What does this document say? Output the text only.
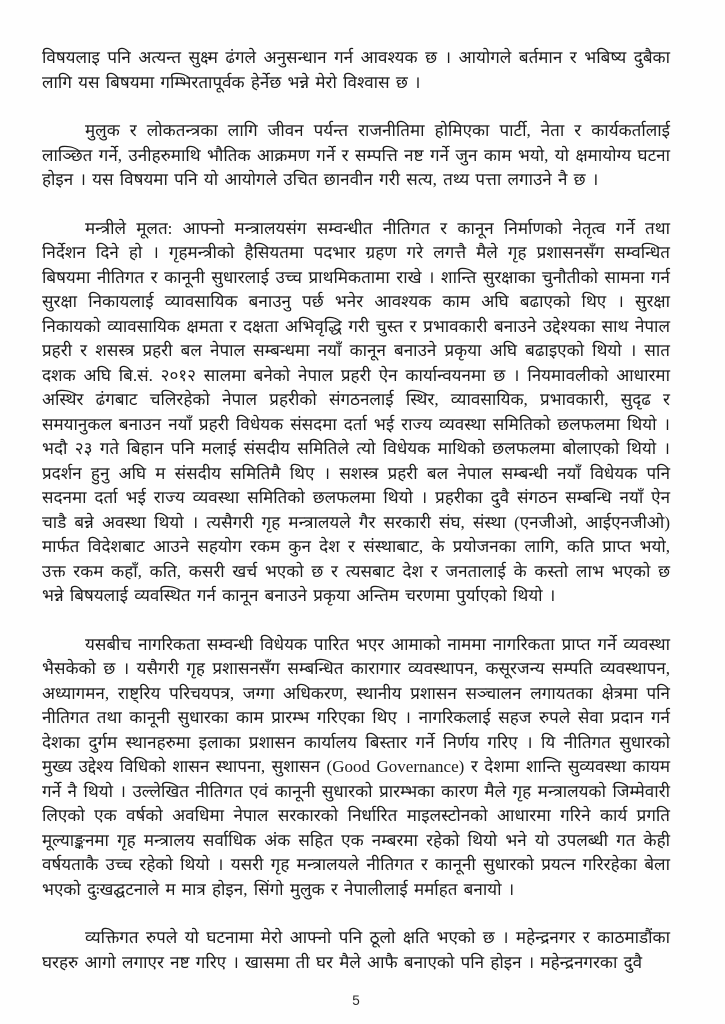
विषयलाइ पनि अत्यन्त सुक्ष्म ढंगले अनुसन्धान गर्न आवश्यक छ । आयोगले बर्तमान र भबिष्य दुबैका लागि यस बिषयमा गम्भिरतापूर्वक हेर्नेछ भन्ने मेरो विश्वास छ ।

मुलुक र लोकतन्त्रका लागि जीवन पर्यन्त राजनीतिमा होमिएका पार्टी, नेता र कार्यकर्तालाई लाञ्छित गर्ने, उनीहरुमाथि भौतिक आक्रमण गर्ने र सम्पत्ति नष्ट गर्ने जुन काम भयो, यो क्षमायोग्य घटना होइन । यस विषयमा पनि यो आयोगले उचित छानवीन गरी सत्य, तथ्य पत्ता लगाउने नै छ ।

मन्त्रीले मूलत: आफ्नो मन्त्रालयसंग सम्वन्धीत नीतिगत र कानून निर्माणको नेतृत्व गर्ने तथा निर्देशन दिने हो । गृहमन्त्रीको हैसियतमा पदभार ग्रहण गरे लगत्तै मैले गृह प्रशासनसँग सम्वन्धित बिषयमा नीतिगत र कानूनी सुधारलाई उच्च प्राथमिकतामा राखे । शान्ति सुरक्षाका चुनौतीको सामना गर्न सुरक्षा निकायलाई व्यावसायिक बनाउनु पर्छ भनेर आवश्यक काम अघि बढाएको थिए । सुरक्षा निकायको व्यावसायिक क्षमता र दक्षता अभिवृद्धि गरी चुस्त र प्रभावकारी बनाउने उद्देश्यका साथ नेपाल प्रहरी र शसस्त्र प्रहरी बल नेपाल सम्बन्धमा नयाँ कानून बनाउने प्रकृया अघि बढाइएको थियो । सात दशक अघि बि.सं. २०१२ सालमा बनेको नेपाल प्रहरी ऐन कार्यान्वयनमा छ । नियमावलीको आधारमा अस्थिर ढंगबाट चलिरहेको नेपाल प्रहरीको संगठनलाई स्थिर, व्यावसायिक, प्रभावकारी, सुदृढ र समयानुकल बनाउन नयाँ प्रहरी विधेयक संसदमा दर्ता भई राज्य व्यवस्था समितिको छलफलमा थियो । भदौ २३ गते बिहान पनि मलाई संसदीय समितिले त्यो विधेयक माथिको छलफलमा बोलाएको थियो । प्रदर्शन हुनु अघि म संसदीय समितिमै थिए । सशस्त्र प्रहरी बल नेपाल सम्बन्धी नयाँ विधेयक पनि सदनमा दर्ता भई राज्य व्यवस्था समितिको छलफलमा थियो । प्रहरीका दुवै संगठन सम्बन्धि नयाँ ऐन चाडै बन्ने अवस्था थियो । त्यसैगरी गृह मन्त्रालयले गैर सरकारी संघ, संस्था (एनजीओ, आईएनजीओ) मार्फत विदेशबाट आउने सहयोग रकम कुन देश र संस्थाबाट, के प्रयोजनका लागि, कति प्राप्त भयो, उक्त रकम कहाँ, कति, कसरी खर्च भएको छ र त्यसबाट देश र जनतालाई के कस्तो लाभ भएको छ भन्ने बिषयलाई व्यवस्थित गर्न कानून बनाउने प्रकृया अन्तिम चरणमा पुर्याएको थियो ।

यसबीच नागरिकता सम्वन्धी विधेयक पारित भएर आमाको नाममा नागरिकता प्राप्त गर्ने व्यवस्था भैसकेको छ । यसैगरी गृह प्रशासनसँग सम्बन्धित कारागार व्यवस्थापन, कसूरजन्य सम्पति व्यवस्थापन, अध्यागमन, राष्ट्रिय परिचयपत्र, जग्गा अधिकरण, स्थानीय प्रशासन सञ्चालन लगायतका क्षेत्रमा पनि नीतिगत तथा कानूनी सुधारका काम प्रारम्भ गरिएका थिए । नागरिकलाई सहज रुपले सेवा प्रदान गर्न देशका दुर्गम स्थानहरुमा इलाका प्रशासन कार्यालय बिस्तार गर्ने निर्णय गरिए । यि नीतिगत सुधारको मुख्य उद्देश्य विधिको शासन स्थापना, सुशासन (Good Governance) र देशमा शान्ति सुव्यवस्था कायम गर्ने नै थियो । उल्लेखित नीतिगत एवं कानूनी सुधारको प्रारम्भका कारण मैले गृह मन्त्रालयको जिम्मेवारी लिएको एक वर्षको अवधिमा नेपाल सरकारको निर्धारित माइलस्टोनको आधारमा गरिने कार्य प्रगति मूल्याङ्कनमा गृह मन्त्रालय सर्वाधिक अंक सहित एक नम्बरमा रहेको थियो भने यो उपलब्धी गत केही वर्षयताकै उच्च रहेको थियो । यसरी गृह मन्त्रालयले नीतिगत र कानूनी सुधारको प्रयत्न गरिरहेका बेला भएको दुःखद्घटनाले म मात्र होइन, सिंगो मुलुक र नेपालीलाई मर्माहत बनायो ।

व्यक्तिगत रुपले यो घटनामा मेरो आफ्नो पनि ठूलो क्षति भएको छ । महेन्द्रनगर र काठमाडौंका घरहरु आगो लगाएर नष्ट गरिए । खासमा ती घर मैले आफै बनाएको पनि होइन । महेन्द्रनगरका दुवै

5
